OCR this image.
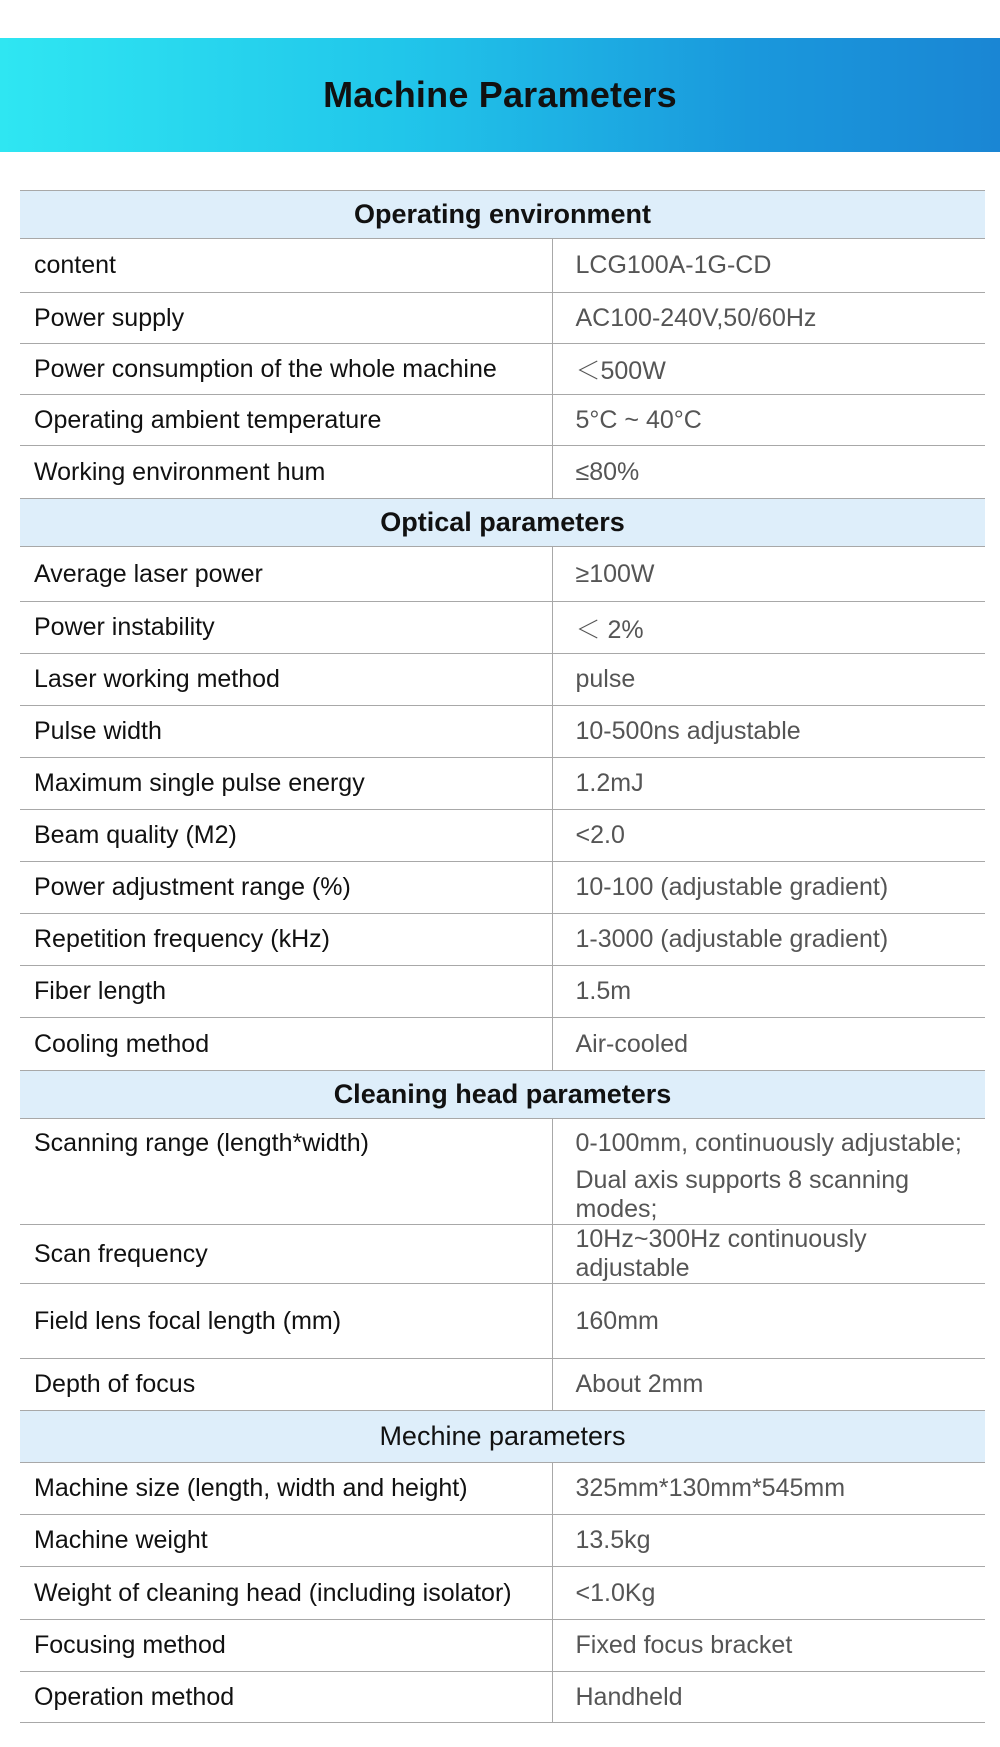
Machine Parameters
Operating environment	
content	LCG100A-1G-CD
Power supply	AC100-240V,50/60Hz
Power consumption of the whole machine	＜500W
Operating ambient temperature	5°C ~ 40°C
Working environment hum	≤80%
Optical parameters	
Average laser power	≥100W
Power instability	＜ 2%
Laser working method	pulse
Pulse width	10-500ns adjustable
Maximum single pulse energy	1.2mJ
Beam quality (M2)	<2.0
Power adjustment range (%)	10-100 (adjustable gradient)
Repetition frequency (kHz)	1-3000 (adjustable gradient)
Fiber length	1.5m
Cooling method	Air-cooled
Cleaning head parameters	
Scanning range (length*width)	0-100mm, continuously adjustable;
Dual axis supports 8 scanning modes;

Scan frequency	10Hz~300Hz continuously adjustable
Field lens focal length (mm)	160mm
Depth of focus	About 2mm
Mechine parameters	
Machine size (length, width and height)	325mm*130mm*545mm
Machine weight	13.5kg
Weight of cleaning head (including isolator)	<1.0Kg
Focusing method	Fixed focus bracket
Operation method	Handheld
